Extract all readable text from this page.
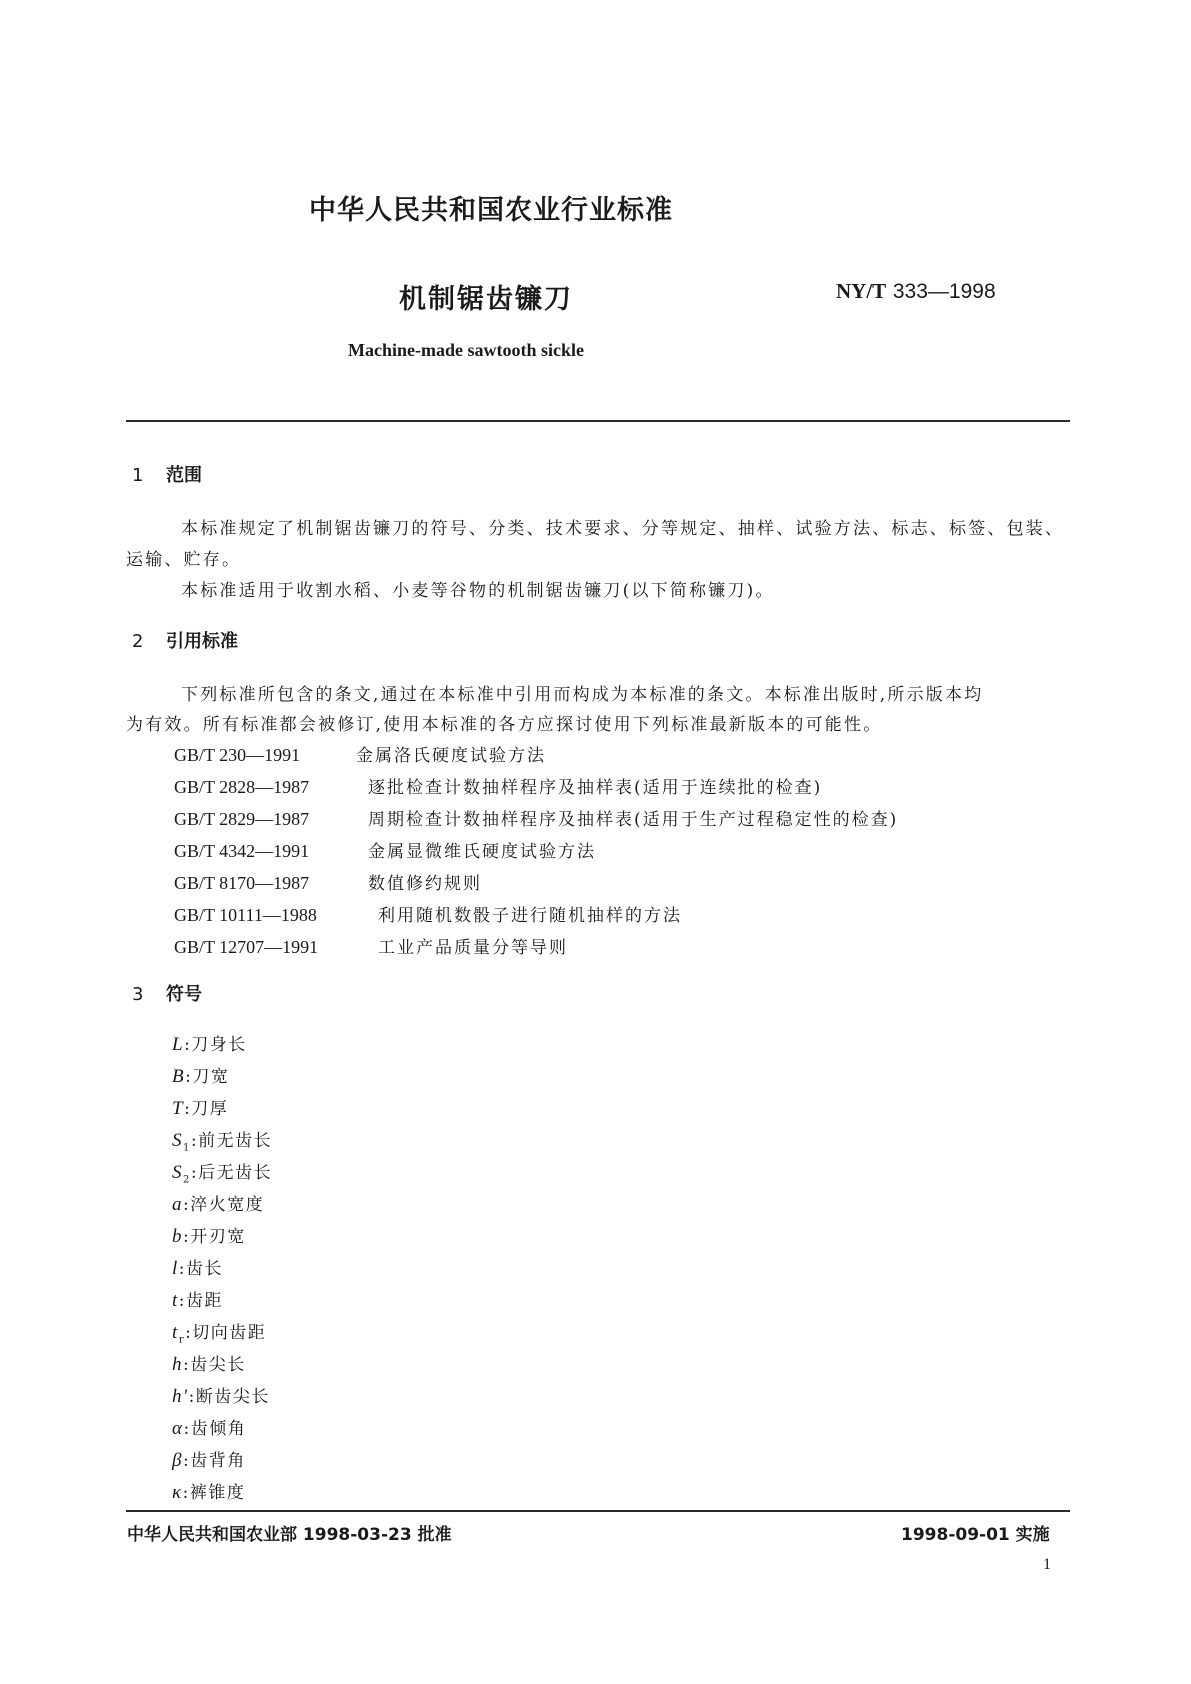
中华人民共和国农业行业标准
机制锯齿镰刀	NY/T 333—1998
Machine-made sawtooth sickle
1 范围
本标准规定了机制锯齿镰刀的符号、分类、技术要求、分等规定、抽样、试验方法、标志、标签、包装、
运输、贮存。
本标准适用于收割水稻、小麦等谷物的机制锯齿镰刀(以下简称镰刀)。
2 引用标准
下列标准所包含的条文,通过在本标准中引用而构成为本标准的条文。本标准出版时,所示版本均
为有效。所有标准都会被修订,使用本标准的各方应探讨使用下列标准最新版本的可能性。
GB/T 230—1991	金属洛氏硬度试验方法
GB/T 2828—1987	逐批检查计数抽样程序及抽样表(适用于连续批的检查)
GB/T 2829—1987	周期检查计数抽样程序及抽样表(适用于生产过程稳定性的检查)
GB/T 4342—1991	金属显微维氏硬度试验方法
GB/T 8170—1987	数值修约规则
GB/T 10111—1988	利用随机数骰子进行随机抽样的方法
GB/T 12707—1991	工业产品质量分等导则
3 符号
L:刀身长
B:刀宽
T:刀厚
$S_1$:前无齿长
$S_2$:后无齿长
a:淬火宽度
b:开刃宽
l:齿长
t:齿距
$t_r$:切向齿距
h:齿尖长
h′:断齿尖长
α:齿倾角
β:齿背角
κ:裤锥度
中华人民共和国农业部 1998-03-23 批准	1998-09-01 实施
1
